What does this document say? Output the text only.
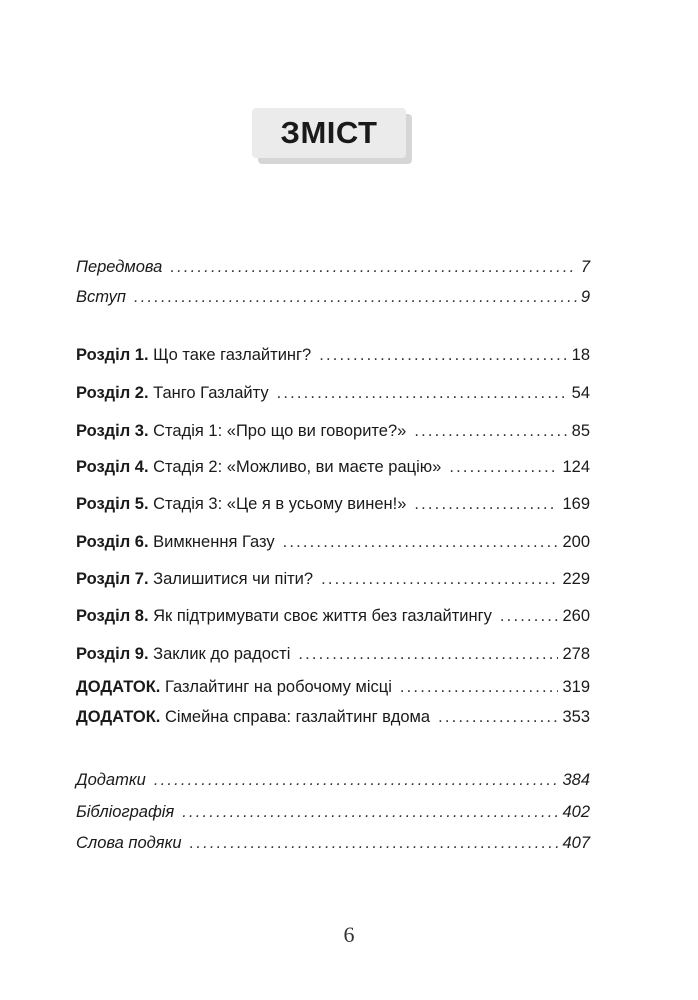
ЗМІСТ
Передмова . . .	7
Вступ . . .	9
Розділ 1. Що таке газлайтинг? . . .	18
Розділ 2. Танго Газлайту . . .	54
Розділ 3. Стадія 1: «Про що ви говорите?» . . .	85
Розділ 4. Стадія 2: «Можливо, ви маєте рацію» . . .	124
Розділ 5. Стадія 3: «Це я в усьому винен!» . . .	169
Розділ 6. Вимкнення Газу . . .	200
Розділ 7. Залишитися чи піти? . . .	229
Розділ 8. Як підтримувати своє життя без газлайтингу . . .	260
Розділ 9. Заклик до радості . . .	278
ДОДАТОК. Газлайтинг на робочому місці . . .	319
ДОДАТОК. Сімейна справа: газлайтинг вдома . . .	353
Додатки . . .	384
Бібліографія . . .	402
Слова подяки . . .	407
6
